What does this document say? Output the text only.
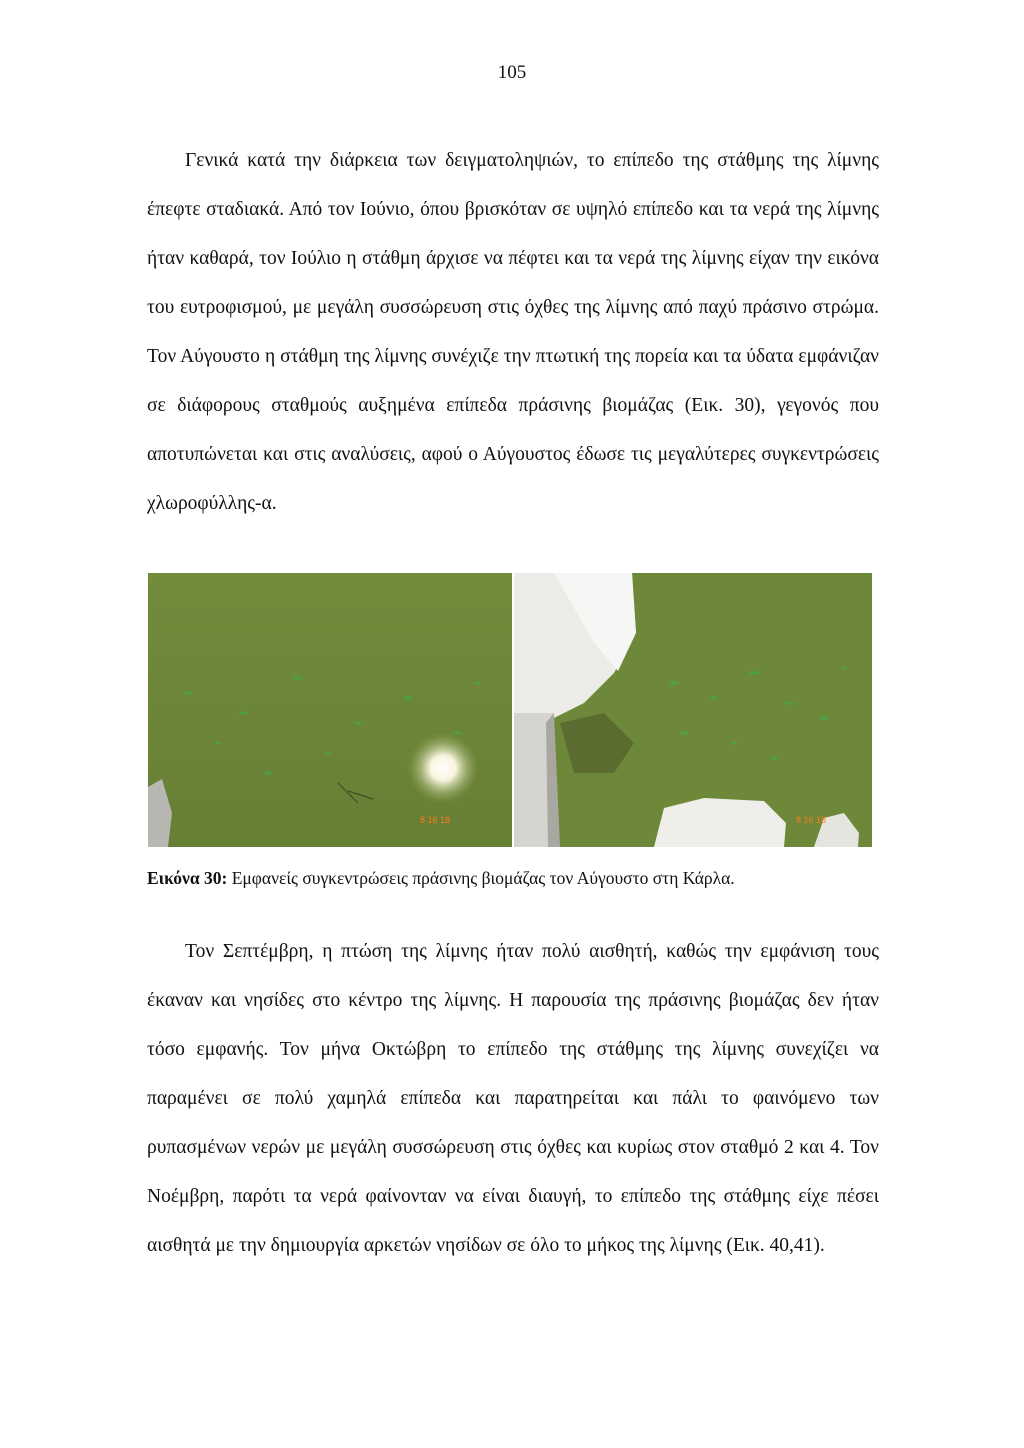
105

Γενικά κατά την διάρκεια των δειγματοληψιών, το επίπεδο της στάθμης της λίμνης έπεφτε σταδιακά. Από τον Ιούνιο, όπου βρισκόταν σε υψηλό επίπεδο και τα νερά της λίμνης ήταν καθαρά, τον Ιούλιο η στάθμη άρχισε να πέφτει και τα νερά της λίμνης είχαν την εικόνα του ευτροφισμού, με μεγάλη συσσώρευση στις όχθες της λίμνης από παχύ πράσινο στρώμα. Τον Αύγουστο η στάθμη της λίμνης συνέχιζε την πτωτική της πορεία και τα ύδατα εμφάνιζαν σε διάφορους σταθμούς αυξημένα επίπεδα πράσινης βιομάζας (Εικ. 30), γεγονός που αποτυπώνεται και στις αναλύσεις, αφού ο Αύγουστος έδωσε τις μεγαλύτερες συγκεντρώσεις χλωροφύλλης-α.

8 16 18	8 16 18

Εικόνα 30: Εμφανείς συγκεντρώσεις πράσινης βιομάζας τον Αύγουστο στη Κάρλα.

Τον Σεπτέμβρη, η πτώση της λίμνης ήταν πολύ αισθητή, καθώς την εμφάνιση τους έκαναν και νησίδες στο κέντρο της λίμνης. Η παρουσία της πράσινης βιομάζας δεν ήταν τόσο εμφανής. Τον μήνα Οκτώβρη το επίπεδο της στάθμης της λίμνης συνεχίζει να παραμένει σε πολύ χαμηλά επίπεδα και παρατηρείται και πάλι το φαινόμενο των ρυπασμένων νερών με μεγάλη συσσώρευση στις όχθες και κυρίως στον σταθμό 2 και 4. Τον Νοέμβρη, παρότι τα νερά φαίνονταν να είναι διαυγή, το επίπεδο της στάθμης είχε πέσει αισθητά με την δημιουργία αρκετών νησίδων σε όλο το μήκος της λίμνης (Εικ. 40,41).
